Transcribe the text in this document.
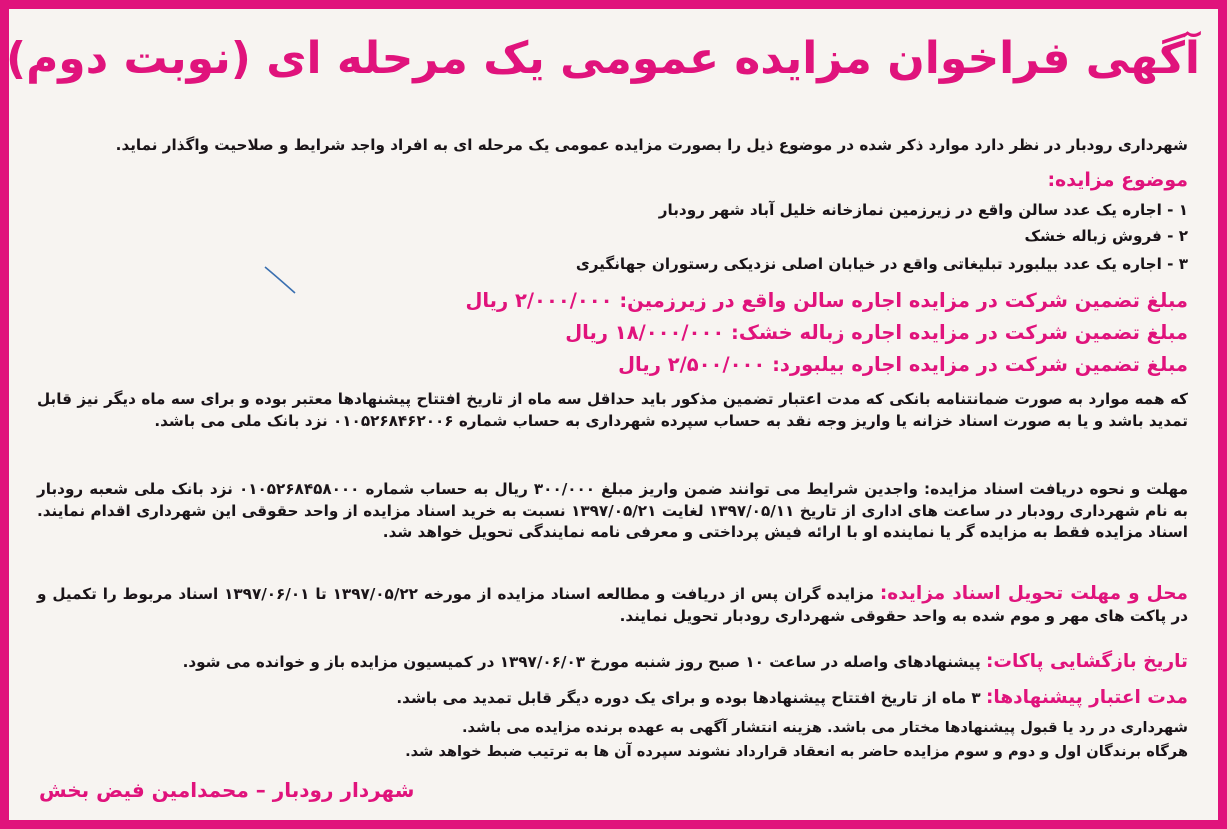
آگهی فراخوان مزایده عمومی یک مرحله ای (نوبت دوم)

شهرداری رودبار در نظر دارد موارد ذکر شده در موضوع ذیل را بصورت مزایده عمومی یک مرحله ای به افراد واجد شرایط و صلاحیت واگذار نماید.

موضوع مزایده:
۱ - اجاره یک عدد سالن واقع در زیرزمین نمازخانه خلیل آباد شهر رودبار
۲ - فروش زباله خشک
۳ - اجاره یک عدد بیلبورد تبلیغاتی واقع در خیابان اصلی نزدیکی رستوران جهانگیری
مبلغ تضمین شرکت در مزایده اجاره سالن واقع در زیرزمین: ۲/۰۰۰/۰۰۰ ریال
مبلغ تضمین شرکت در مزایده اجاره زباله خشک: ۱۸/۰۰۰/۰۰۰ ریال
مبلغ تضمین شرکت در مزایده اجاره بیلبورد: ۲/۵۰۰/۰۰۰ ریال

که همه موارد به صورت ضمانتنامه بانکی که مدت اعتبار تضمین مذکور باید حداقل سه ماه از تاریخ افتتاح پیشنهادها معتبر بوده و برای سه ماه دیگر نیز قابل تمدید باشد و یا به صورت اسناد خزانه یا واریز وجه نقد به حساب سپرده شهرداری به حساب شماره ۰۱۰۵۲۶۸۴۶۲۰۰۶ نزد بانک ملی می باشد.

مهلت و نحوه دریافت اسناد مزایده: واجدین شرایط می توانند ضمن واریز مبلغ ۳۰۰/۰۰۰ ریال به حساب شماره ۰۱۰۵۲۶۸۴۵۸۰۰۰ نزد بانک ملی شعبه رودبار به نام شهرداری رودبار در ساعت های اداری از تاریخ ۱۳۹۷/۰۵/۱۱ لغایت ۱۳۹۷/۰۵/۲۱ نسبت به خرید اسناد مزایده از واحد حقوقی این شهرداری اقدام نمایند. اسناد مزایده فقط به مزایده گر یا نماینده او با ارائه فیش پرداختی و معرفی نامه نمایندگی تحویل خواهد شد.

محل و مهلت تحویل اسناد مزایده: مزایده گران پس از دریافت و مطالعه اسناد مزایده از مورخه ۱۳۹۷/۰۵/۲۲ تا ۱۳۹۷/۰۶/۰۱ اسناد مربوط را تکمیل و در پاکت های مهر و موم شده به واحد حقوقی شهرداری رودبار تحویل نمایند.

تاریخ بازگشایی پاکات: پیشنهادهای واصله در ساعت ۱۰ صبح روز شنبه مورخ ۱۳۹۷/۰۶/۰۳ در کمیسیون مزایده باز و خوانده می شود.

مدت اعتبار پیشنهادها: ۳ ماه از تاریخ افتتاح پیشنهادها بوده و برای یک دوره دیگر قابل تمدید می باشد.

شهرداری در رد یا قبول پیشنهادها مختار می باشد. هزینه انتشار آگهی به عهده برنده مزایده می باشد.
هرگاه برندگان اول و دوم و سوم مزایده حاضر به انعقاد قرارداد نشوند سپرده آن ها به ترتیب ضبط خواهد شد.
شهردار رودبار – محمدامین فیض بخش
